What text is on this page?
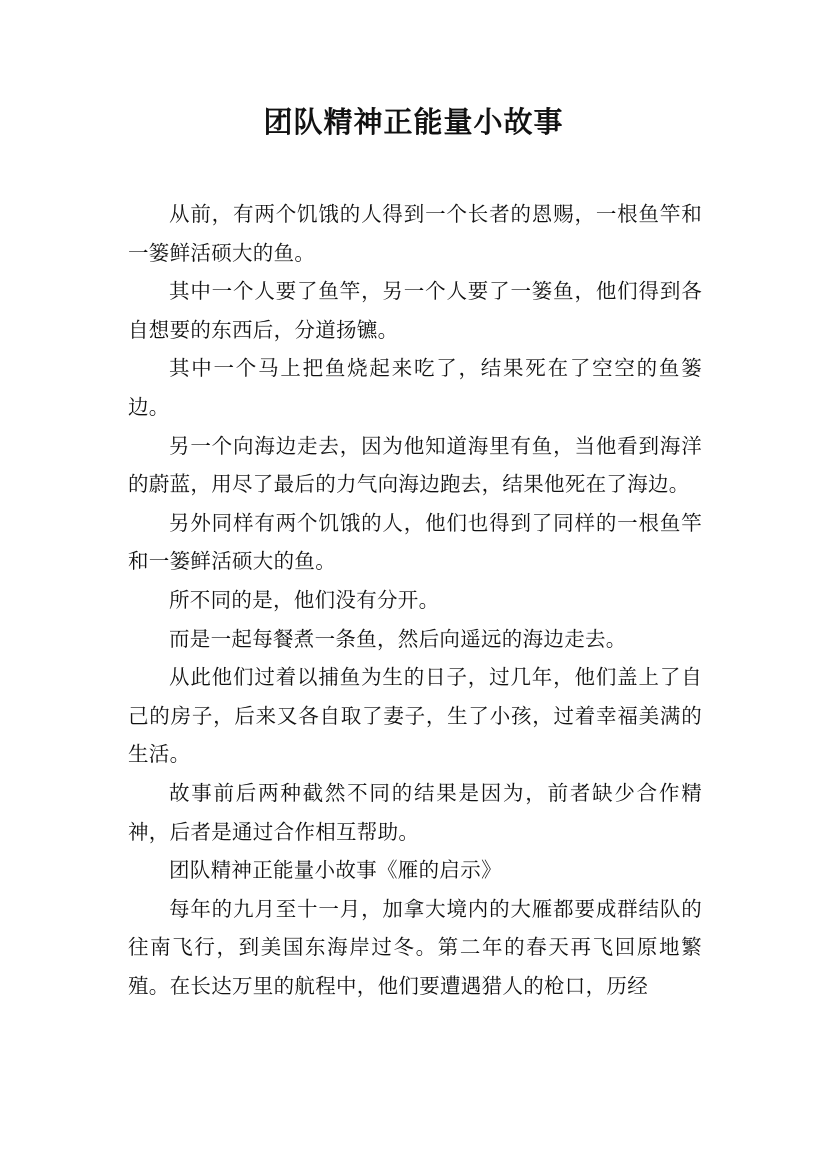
团队精神正能量小故事

从前，有两个饥饿的人得到一个长者的恩赐，一根鱼竿和一篓鲜活硕大的鱼。

其中一个人要了鱼竿，另一个人要了一篓鱼，他们得到各自想要的东西后，分道扬镳。

其中一个马上把鱼烧起来吃了，结果死在了空空的鱼篓边。

另一个向海边走去，因为他知道海里有鱼，当他看到海洋的蔚蓝，用尽了最后的力气向海边跑去，结果他死在了海边。

另外同样有两个饥饿的人，他们也得到了同样的一根鱼竿和一篓鲜活硕大的鱼。

所不同的是，他们没有分开。

而是一起每餐煮一条鱼，然后向遥远的海边走去。

从此他们过着以捕鱼为生的日子，过几年，他们盖上了自己的房子，后来又各自取了妻子，生了小孩，过着幸福美满的生活。

故事前后两种截然不同的结果是因为，前者缺少合作精神，后者是通过合作相互帮助。

团队精神正能量小故事《雁的启示》

每年的九月至十一月，加拿大境内的大雁都要成群结队的往南飞行，到美国东海岸过冬。第二年的春天再飞回原地繁殖。在长达万里的航程中，他们要遭遇猎人的枪口，历经
